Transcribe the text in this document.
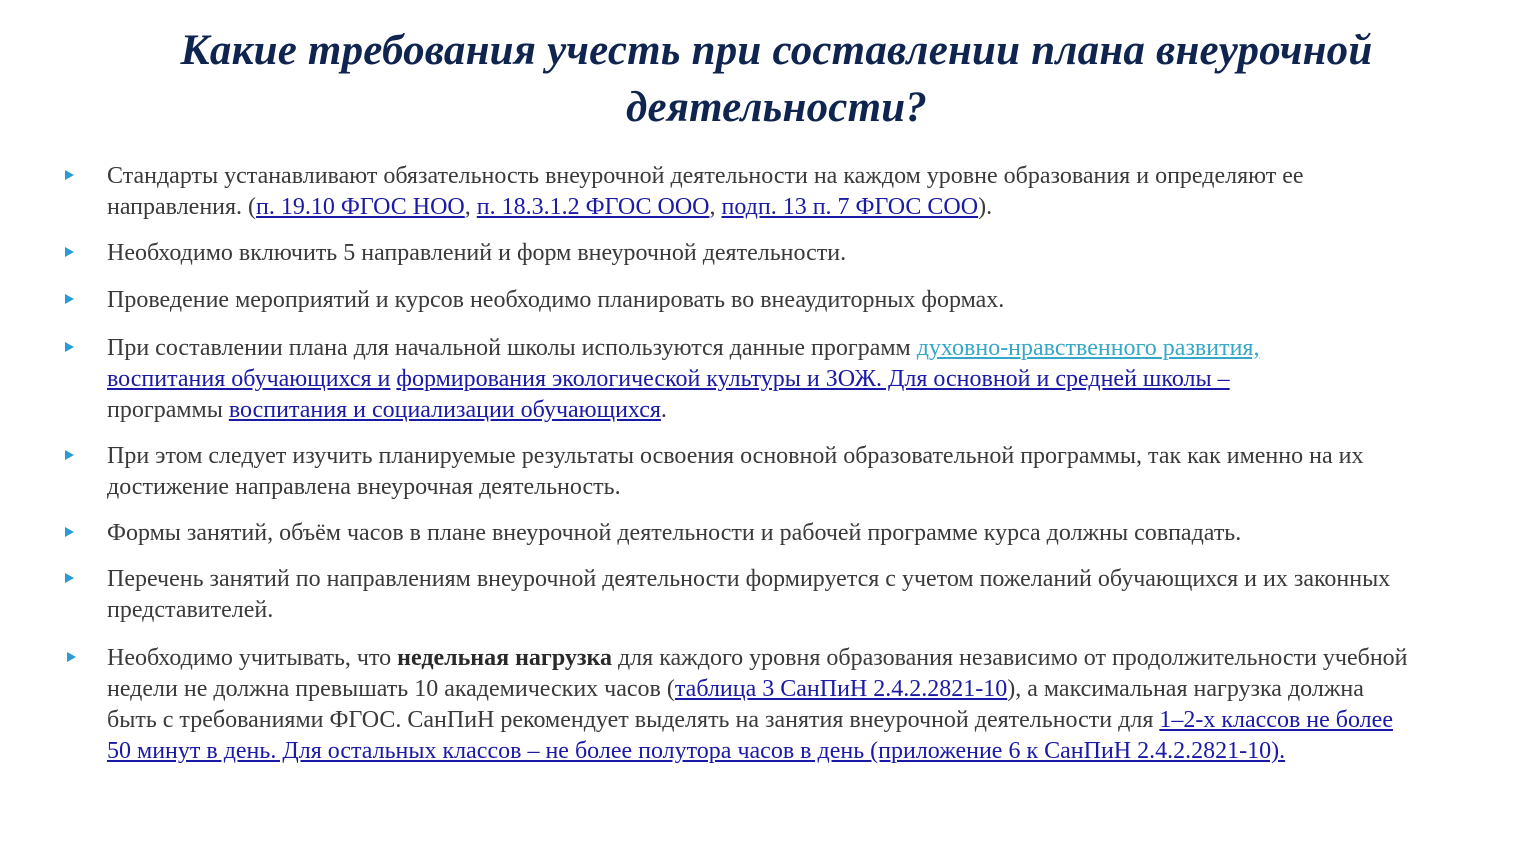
Какие требования учесть при составлении плана внеурочной деятельности?
Стандарты устанавливают обязательность внеурочной деятельности на каждом уровне образования и определяют ее направления. (п. 19.10 ФГОС НОО, п. 18.3.1.2 ФГОС ООО, подп. 13 п. 7 ФГОС СОО).
Необходимо включить 5 направлений и форм внеурочной деятельности.
Проведение мероприятий и курсов необходимо планировать во внеаудиторных формах.
При составлении плана для начальной школы используются данные программ духовно-нравственного развития,
воспитания обучающихся и формирования экологической культуры и ЗОЖ. Для основной и средней школы –
программы воспитания и социализации обучающихся.
При этом следует изучить планируемые результаты освоения основной образовательной программы, так как именно на их достижение направлена внеурочная деятельность.
Формы занятий, объём часов в плане внеурочной деятельности и рабочей программе курса должны совпадать.
Перечень занятий по направлениям внеурочной деятельности формируется с учетом пожеланий обучающихся и их законных представителей.
Необходимо учитывать, что недельная нагрузка для каждого уровня образования независимо от продолжительности учебной недели не должна превышать 10 академических часов (таблица 3 СанПиН 2.4.2.2821-10), а максимальная нагрузка должна быть с требованиями ФГОС. СанПиН рекомендует выделять на занятия внеурочной деятельности для 1–2-х классов не более 50 минут в день. Для остальных классов – не более полутора часов в день (приложение 6 к СанПиН 2.4.2.2821-10).
